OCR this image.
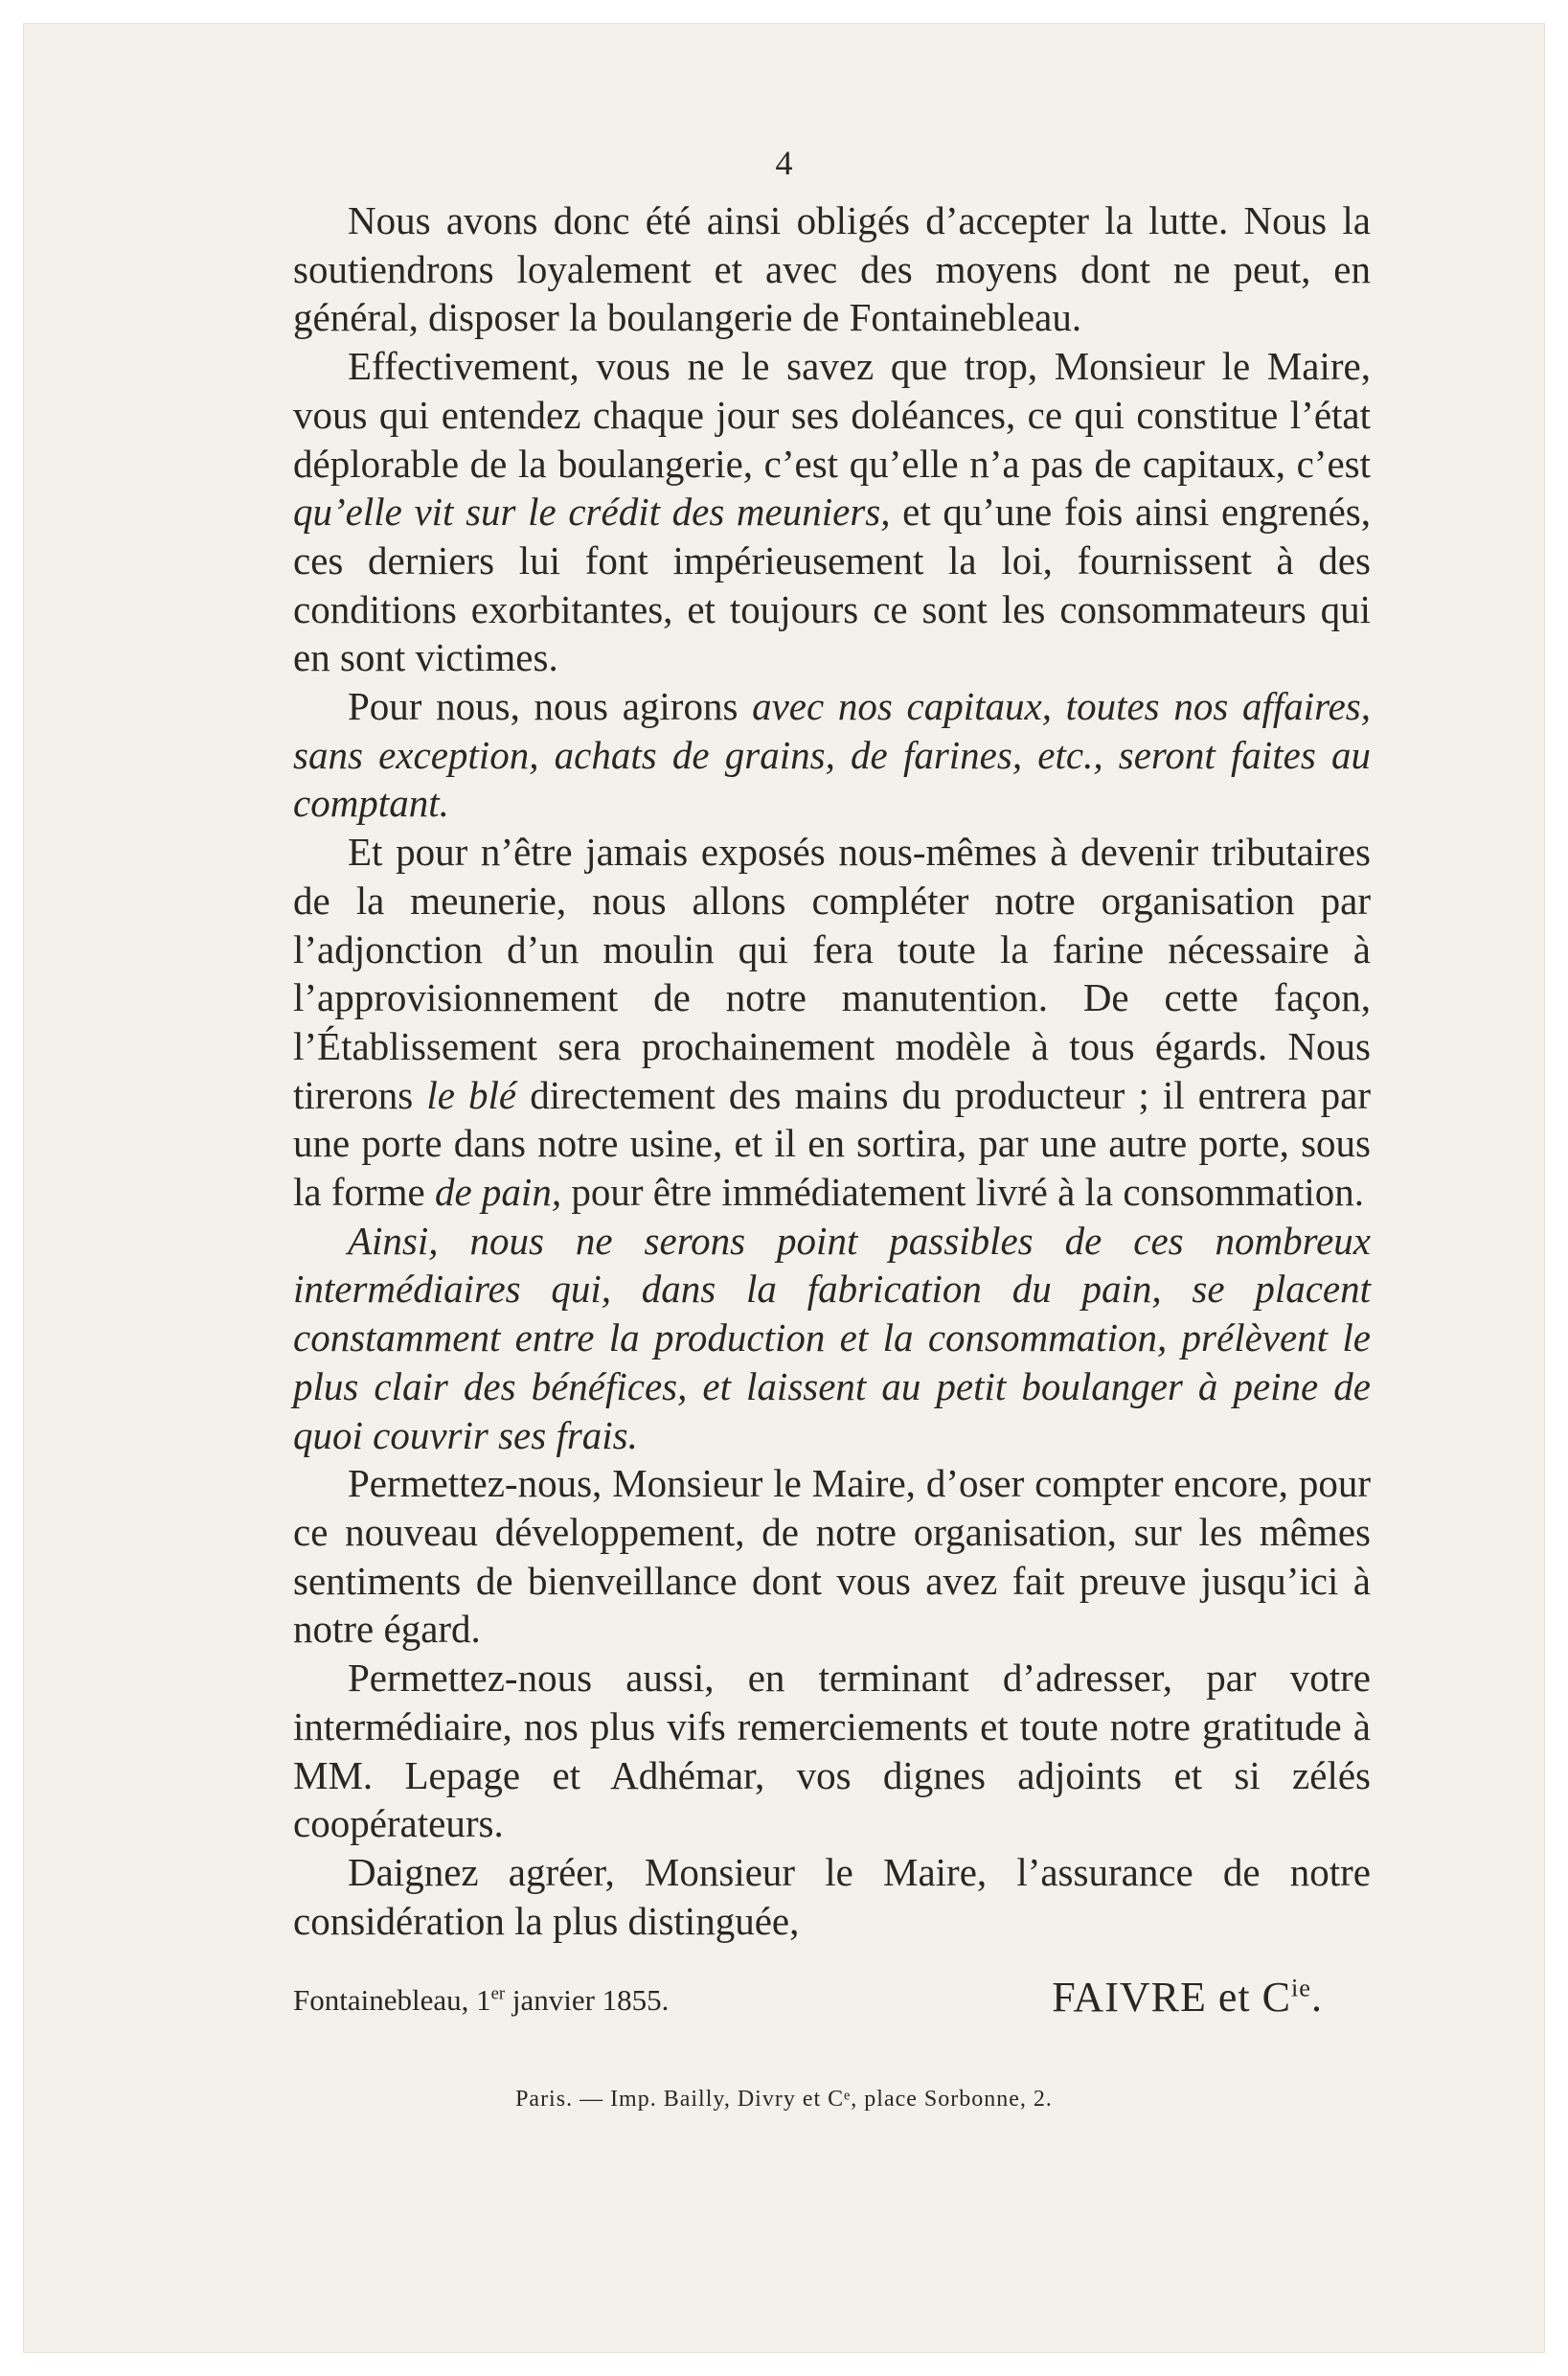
4

Nous avons donc été ainsi obligés d’accepter la lutte. Nous la soutiendrons loyalement et avec des moyens dont ne peut, en général, disposer la boulangerie de Fontainebleau.

Effectivement, vous ne le savez que trop, Monsieur le Maire, vous qui entendez chaque jour ses doléances, ce qui constitue l’état déplorable de la boulangerie, c’est qu’elle n’a pas de capitaux, c’est qu’elle vit sur le crédit des meuniers, et qu’une fois ainsi engrenés, ces derniers lui font impérieusement la loi, fournissent à des conditions exorbitantes, et toujours ce sont les consommateurs qui en sont victimes.

Pour nous, nous agirons avec nos capitaux, toutes nos affaires, sans exception, achats de grains, de farines, etc., seront faites au comptant.

Et pour n’être jamais exposés nous-mêmes à devenir tributaires de la meunerie, nous allons compléter notre organisation par l’adjonction d’un moulin qui fera toute la farine nécessaire à l’approvisionnement de notre manutention. De cette façon, l’Établissement sera prochainement modèle à tous égards. Nous tirerons le blé directement des mains du producteur ; il entrera par une porte dans notre usine, et il en sortira, par une autre porte, sous la forme de pain, pour être immédiatement livré à la consommation.

Ainsi, nous ne serons point passibles de ces nombreux intermédiaires qui, dans la fabrication du pain, se placent constamment entre la production et la consommation, prélèvent le plus clair des bénéfices, et laissent au petit boulanger à peine de quoi couvrir ses frais.

Permettez-nous, Monsieur le Maire, d’oser compter encore, pour ce nouveau développement, de notre organisation, sur les mêmes sentiments de bienveillance dont vous avez fait preuve jusqu’ici à notre égard.

Permettez-nous aussi, en terminant d’adresser, par votre intermédiaire, nos plus vifs remerciements et toute notre gratitude à MM. Lepage et Adhémar, vos dignes adjoints et si zélés coopérateurs.

Daignez agréer, Monsieur le Maire, l’assurance de notre considération la plus distinguée,

Fontainebleau, 1er janvier 1855.	FAIVRE et $C^{ie}$.
Paris. — Imp. Bailly, Divry et Cᵉ, place Sorbonne, 2.
